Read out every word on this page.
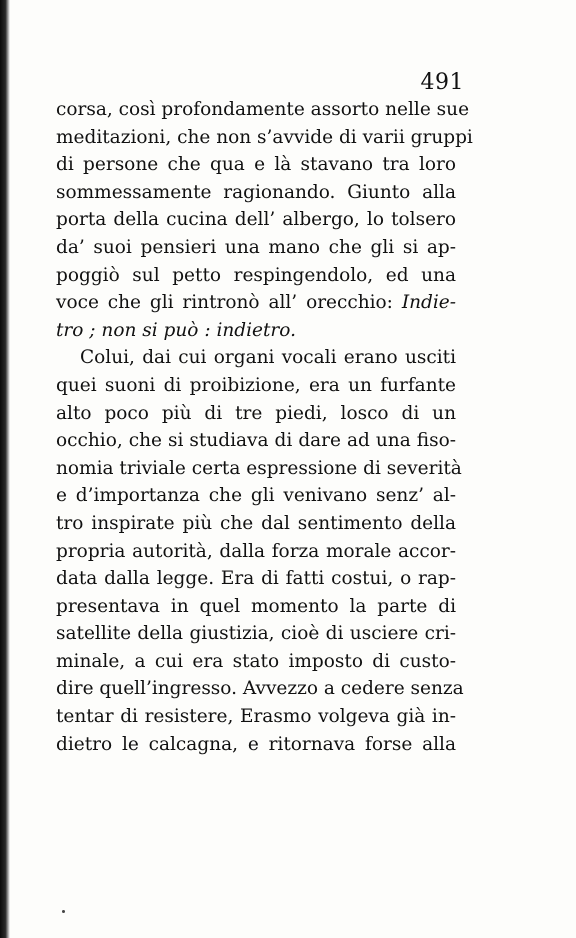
491
corsa, così profondamente assorto nelle sue
meditazioni, che non s’avvide di varii gruppi
di persone che qua e là stavano tra loro
sommessamente ragionando. Giunto alla
porta della cucina dell’ albergo, lo tolsero
da’ suoi pensieri una mano che gli si ap-
poggiò sul petto respingendolo, ed una
voce che gli rintronò all’ orecchio: Indie-
tro ; non si può : indietro.
Colui, dai cui organi vocali erano usciti
quei suoni di proibizione, era un furfante
alto poco più di tre piedi, losco di un
occhio, che si studiava di dare ad una fiso-
nomia triviale certa espressione di severità
e d’importanza che gli venivano senz’ al-
tro inspirate più che dal sentimento della
propria autorità, dalla forza morale accor-
data dalla legge. Era di fatti costui, o rap-
presentava in quel momento la parte di
satellite della giustizia, cioè di usciere cri-
minale, a cui era stato imposto di custo-
dire quell’ingresso. Avvezzo a cedere senza
tentar di resistere, Erasmo volgeva già in-
dietro le calcagna, e ritornava forse alla
